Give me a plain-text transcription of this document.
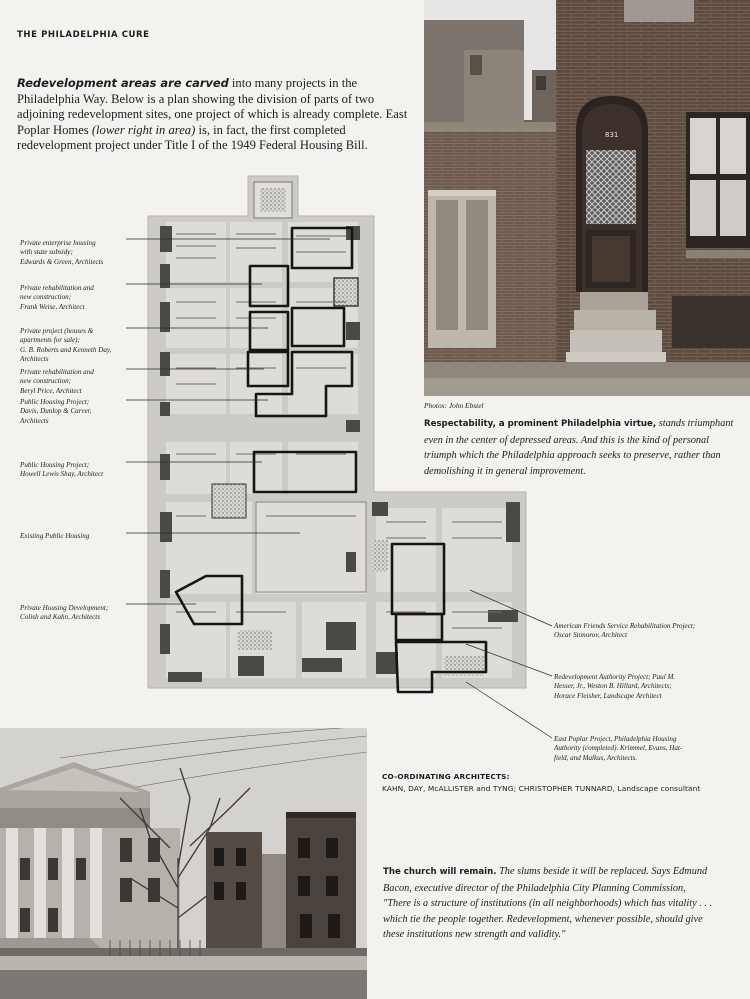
THE PHILADELPHIA CURE

Redevelopment areas are carved into many projects in the Philadelphia Way. Below is a plan showing the division of parts of two adjoining redevelopment sites, one project of which is already complete. East Poplar Homes (lower right in area) is, in fact, the first completed redevelopment project under Title I of the 1949 Federal Housing Bill.

831
Photos: John Ebstel

Respectability, a prominent Philadelphia virtue, stands triumphant even in the center of depressed areas. And this is the kind of personal triumph which the Philadelphia approach seeks to preserve, rather than demolishing it in general improvement.

Private enterprise housing
with state subsidy;
Edwards & Green, Architects
Private rehabilitation and
new construction;
Frank Weise, Architect
Private project (houses &
apartments for sale);
G. B. Roberts and Kenneth Day,
Architects
Private rehabilitation and
new construction;
Beryl Price, Architect
Public Housing Project;
Davis, Dunlop & Carver,
Architects
Public Housing Project;
Howell Lewis Shay, Architect
Existing Public Housing
Private Housing Development;
Colish and Kahn, Architects
American Friends Service Rehabilitation Project;
Oscar Stonorov, Architect
Redevelopment Authority Project; Paul M.
Hesser, Jr., Weston B. Hillard, Architects;
Horace Fleisher, Landscape Architect
East Poplar Project, Philadelphia Housing
Authority (completed). Krimmel, Evans, Hat-
field, and Malkus, Architects.
CO-ORDINATING ARCHITECTS:
KAHN, DAY, McALLISTER and TYNG; CHRISTOPHER TUNNARD, Landscape consultant

The church will remain. The slums beside it will be replaced. Says Edmund Bacon, executive director of the Philadelphia City Planning Commission, "There is a structure of institutions (in all neighborhoods) which has vitality . . . which tie the people together. Redevelopment, whenever possible, should give these institutions new strength and validity."
